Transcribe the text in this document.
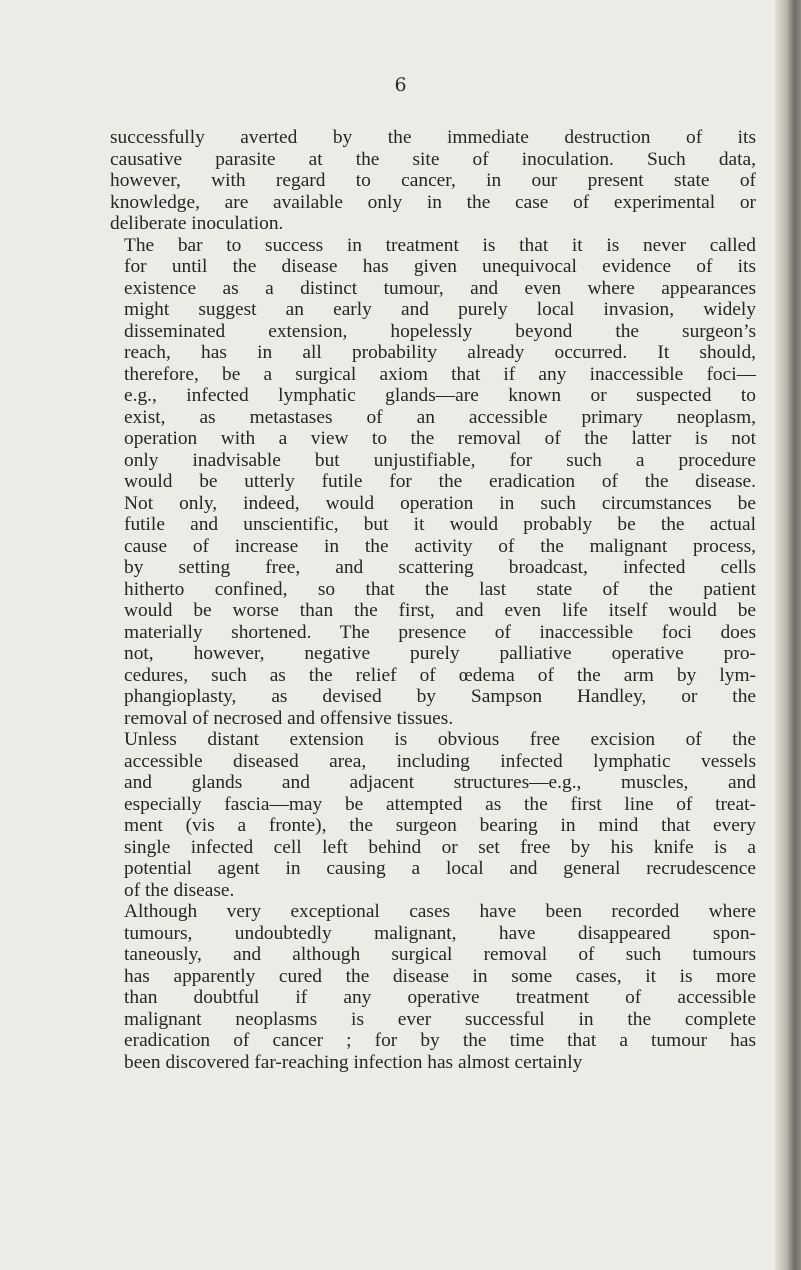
6

successfully averted by the immediate destruction of its
causative parasite at the site of inoculation. Such data,
however, with regard to cancer, in our present state of
knowledge, are available only in the case of experimental or
deliberate inoculation.

The bar to success in treatment is that it is never called
for until the disease has given unequivocal evidence of its
existence as a distinct tumour, and even where appearances
might suggest an early and purely local invasion, widely
disseminated extension, hopelessly beyond the surgeon’s
reach, has in all probability already occurred. It should,
therefore, be a surgical axiom that if any inaccessible foci—
e.g., infected lymphatic glands—are known or suspected to
exist, as metastases of an accessible primary neoplasm,
operation with a view to the removal of the latter is not
only inadvisable but unjustifiable, for such a procedure
would be utterly futile for the eradication of the disease.
Not only, indeed, would operation in such circumstances be
futile and unscientific, but it would probably be the actual
cause of increase in the activity of the malignant process,
by setting free, and scattering broadcast, infected cells
hitherto confined, so that the last state of the patient
would be worse than the first, and even life itself would be
materially shortened. The presence of inaccessible foci does
not, however, negative purely palliative operative pro-
cedures, such as the relief of œdema of the arm by lym-
phangioplasty, as devised by Sampson Handley, or the
removal of necrosed and offensive tissues.

Unless distant extension is obvious free excision of the
accessible diseased area, including infected lymphatic vessels
and glands and adjacent structures—e.g., muscles, and
especially fascia—may be attempted as the first line of treat-
ment (vis a fronte), the surgeon bearing in mind that every
single infected cell left behind or set free by his knife is a
potential agent in causing a local and general recrudescence
of the disease.

Although very exceptional cases have been recorded where
tumours, undoubtedly malignant, have disappeared spon-
taneously, and although surgical removal of such tumours
has apparently cured the disease in some cases, it is more
than doubtful if any operative treatment of accessible
malignant neoplasms is ever successful in the complete
eradication of cancer ; for by the time that a tumour has
been discovered far-reaching infection has almost certainly
